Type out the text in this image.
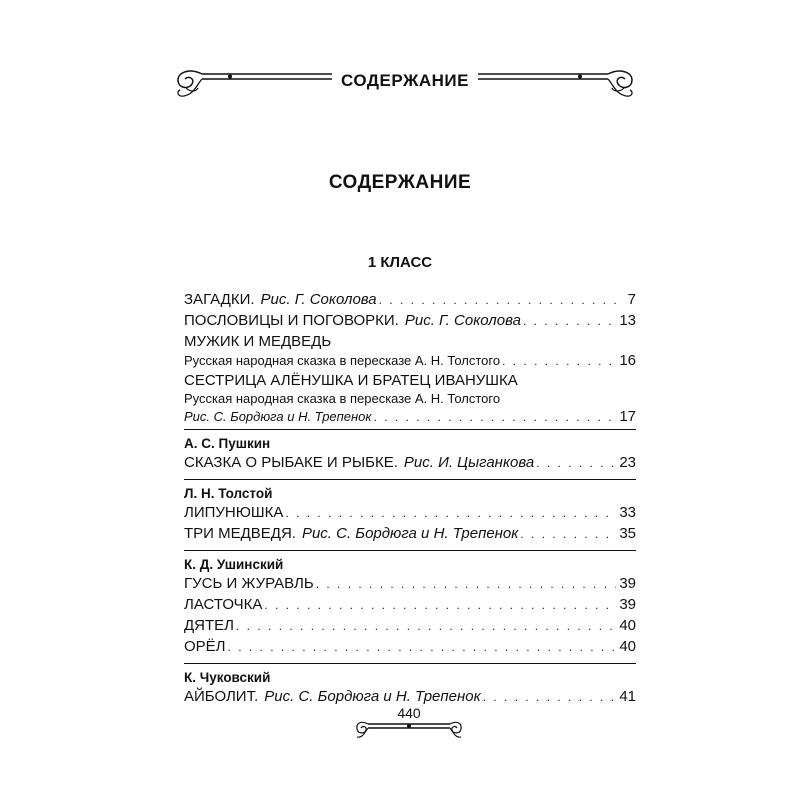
СОДЕРЖАНИЕ
СОДЕРЖАНИЕ
1 КЛАСС
ЗАГАДКИ. Рис. Г. Соколова . . .	7
ПОСЛОВИЦЫ И ПОГОВОРКИ. Рис. Г. Соколова . . .	13
МУЖИК И МЕДВЕДЬ
Русская народная сказка в пересказе А. Н. Толстого . . .	16
СЕСТРИЦА АЛЁНУШКА И БРАТЕЦ ИВАНУШКА
Русская народная сказка в пересказе А. Н. Толстого
Рис. С. Бордюга и Н. Трепенок . . .	17
А. С. Пушкин
СКАЗКА О РЫБАКЕ И РЫБКЕ. Рис. И. Цыганкова . . .	23
Л. Н. Толстой
ЛИПУНЮШКА . . .	33
ТРИ МЕДВЕДЯ. Рис. С. Бордюга и Н. Трепенок . . .	35
К. Д. Ушинский
ГУСЬ И ЖУРАВЛЬ . . .	39
ЛАСТОЧКА . . .	39
ДЯТЕЛ . . .	40
ОРЁЛ . . .	40
К. Чуковский
АЙБОЛИТ. Рис. С. Бордюга и Н. Трепенок . . .	41
440
